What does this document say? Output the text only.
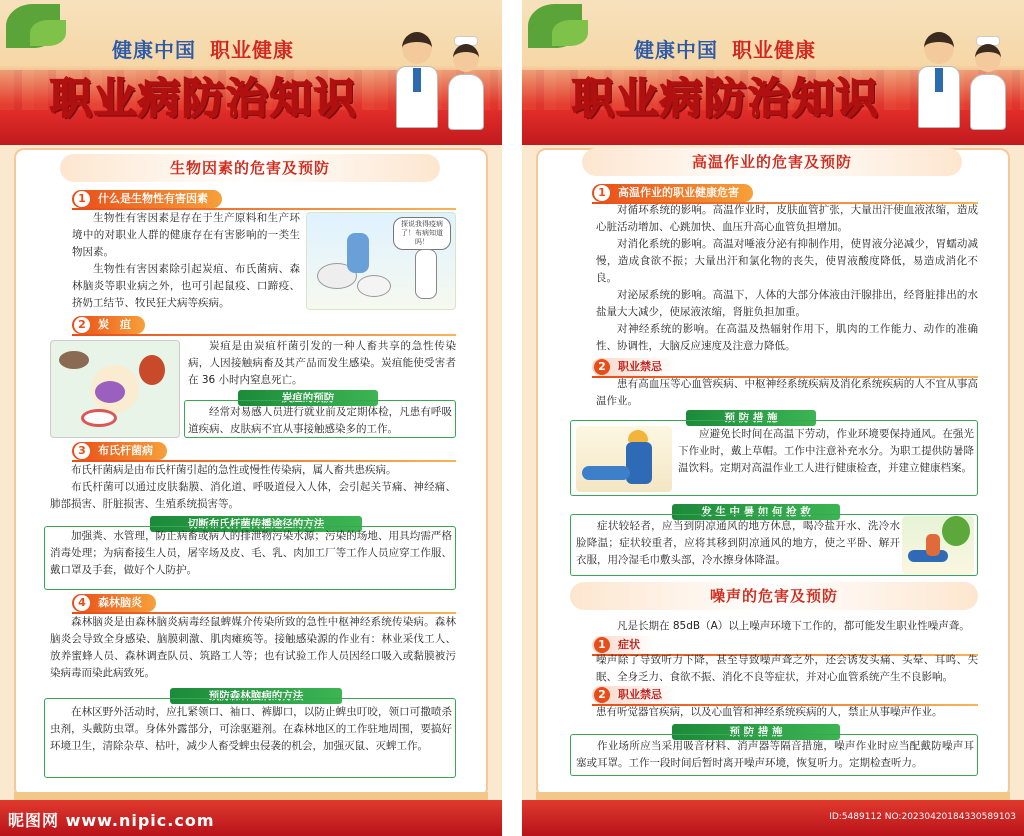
健康中国 职业健康
职业病防治知识
生物因素的危害及预防
1	什么是生物性有害因素
生物性有害因素是存在于生产原料和生产环境中的对职业人群的健康存在有害影响的一类生物因素。
生物性有害因素除引起炭疽、布氏菌病、森林脑炎等职业病之外，也可引起鼠疫、口蹄疫、挤奶工结节、牧民狂犬病等疾病。
探说我得疫病了！布病知道吗！
2	炭　疽
炭疽是由炭疽杆菌引发的一种人畜共享的急性传染病，人因接触病畜及其产品而发生感染。炭疽能使受害者在 36 小时内窒息死亡。
炭疽的预防
经常对易感人员进行就业前及定期体检，凡患有呼吸道疾病、皮肤病不宜从事接触感染多的工作。
3	布氏杆菌病
布氏杆菌病是由布氏杆菌引起的急性或慢性传染病，属人畜共患疾病。
布氏杆菌可以通过皮肤黏膜、消化道、呼吸道侵入人体，会引起关节痛、神经痛、肺部损害、肝脏损害、生殖系统损害等。
切断布氏杆菌传播途径的方法
加强粪、水管理，防止病畜或病人的排泄物污染水源；污染的场地、用具均需严格消毒处理；为病畜接生人员，屠宰场及皮、毛、乳、肉加工厂等工作人员应穿工作服、戴口罩及手套，做好个人防护。
4	森林脑炎
森林脑炎是由森林脑炎病毒经鼠蜱媒介传染所致的急性中枢神经系统传染病。森林脑炎会导致全身感染、脑膜刺激、肌肉瘫痪等。接触感染源的作业有：林业采伐工人、放养蜜蜂人员、森林调查队员、筑路工人等；也有试验工作人员因经口吸入或黏膜被污染病毒而染此病致死。
预防森林脑病的方法
在林区野外活动时，应扎紧领口、袖口、裤脚口，以防止蜱虫叮咬，领口可撒喷杀虫剂，头戴防虫罩。身体外露部分，可涂驱避剂。在森林地区的工作驻地周围，要搞好环境卫生，清除杂草、枯叶，减少人畜受蜱虫侵袭的机会，加强灭鼠、灭蜱工作。
昵图网 www.nipic.com
健康中国 职业健康
职业病防治知识
高温作业的危害及预防
1	高温作业的职业健康危害
对循环系统的影响。高温作业时，皮肤血管扩张，大量出汗使血液浓缩，造成心脏活动增加、心跳加快、血压升高心血管负担增加。
对消化系统的影响。高温对唾液分泌有抑制作用，使胃液分泌减少，胃蠕动减慢，造成食欲不振；大量出汗和氯化物的丧失，使胃液酸度降低，易造成消化不良。
对泌尿系统的影响。高温下，人体的大部分体液由汗腺排出，经肾脏排出的水盐量大大减少，使尿液浓缩，肾脏负担加重。
对神经系统的影响。在高温及热辐射作用下，肌肉的工作能力、动作的准确性、协调性，大脑反应速度及注意力降低。
2	职业禁忌
患有高血压等心血管疾病、中枢神经系统疾病及消化系统疾病的人不宜从事高温作业。
预 防 措 施
应避免长时间在高温下劳动，作业环境要保持通风。在强光下作业时，戴上草帽。工作中注意补充水分。为职工提供防暑降温饮料。定期对高温作业工人进行健康检查，并建立健康档案。
发 生 中 暑 如 何 抢 救
症状较轻者，应当到阴凉通风的地方休息，喝冷盐开水、洗冷水脸降温；症状较重者，应将其移到阴凉通风的地方，使之平卧、解开衣服，用冷湿毛巾敷头部，冷水擦身体降温。
噪声的危害及预防
凡是长期在 85dB（A）以上噪声环境下工作的，都可能发生职业性噪声聋。
1	症状
噪声除了导致听力下降，甚至导致噪声聋之外，还会诱发头痛、头晕、耳鸣、失眠、全身乏力、食欲不振、消化不良等症状，并对心血管系统产生不良影响。
2	职业禁忌
患有听觉器官疾病，以及心血管和神经系统疾病的人，禁止从事噪声作业。
预 防 措 施
作业场所应当采用吸音材料、消声器等隔音措施，噪声作业时应当配戴防噪声耳塞或耳罩。工作一段时间后暂时离开噪声环境，恢复听力。定期检查听力。
ID:5489112 NO:20230420184330589103
